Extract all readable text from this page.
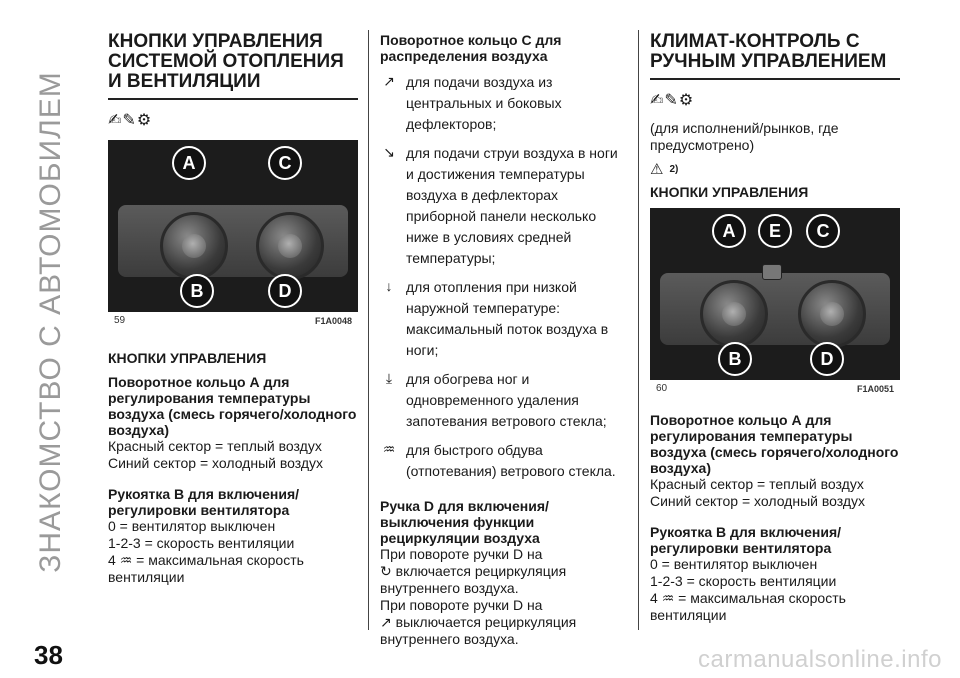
ЗНАКОМСТВО С АВТОМОБИЛЕМ
38	carmanualsonline.info
КНОПКИ УПРАВЛЕНИЯ СИСТЕМОЙ ОТОПЛЕНИЯ И ВЕНТИЛЯЦИИ
✍✎⚙
A	C
B	D
59	F1A0048

КНОПКИ УПРАВЛЕНИЯ

Поворотное кольцо А для регулирования температуры воздуха (смесь горячего/холодного воздуха)

Красный сектор = теплый воздух

Синий сектор = холодный воздух

Рукоятка B для включения/регулировки вентилятора

0 = вентилятор выключен

1-2-3 = скорость вентиляции

4 ♒ = максимальная скорость вентиляции

Поворотное кольцо С для распределения воздуха

↗ для подачи воздуха из центральных и боковых дефлекторов;
↘ для подачи струи воздуха в ноги и достижения температуры воздуха в дефлекторах приборной панели несколько ниже в условиях средней температуры;
↓ для отопления при низкой наружной температуре: максимальный поток воздуха в ноги;
⤓ для обогрева ног и одновременного удаления запотевания ветрового стекла;
♒ для быстрого обдува (отпотевания) ветрового стекла.

Ручка D для включения/выключения функции рециркуляции воздуха

При повороте ручки D на
↻ включается рециркуляция внутреннего воздуха.

При повороте ручки D на
↗ выключается рециркуляция внутреннего воздуха.

КЛИМАТ-КОНТРОЛЬ С РУЧНЫМ УПРАВЛЕНИЕМ
✍✎⚙

(для исполнений/рынков, где предусмотрено)

⚠ 2)

КНОПКИ УПРАВЛЕНИЯ

A	E	C
B	D
60	F1A0051

Поворотное кольцо А для регулирования температуры воздуха (смесь горячего/холодного воздуха)

Красный сектор = теплый воздух

Синий сектор = холодный воздух

Рукоятка B для включения/регулировки вентилятора

0 = вентилятор выключен

1-2-3 = скорость вентиляции

4 ♒ = максимальная скорость вентиляции
